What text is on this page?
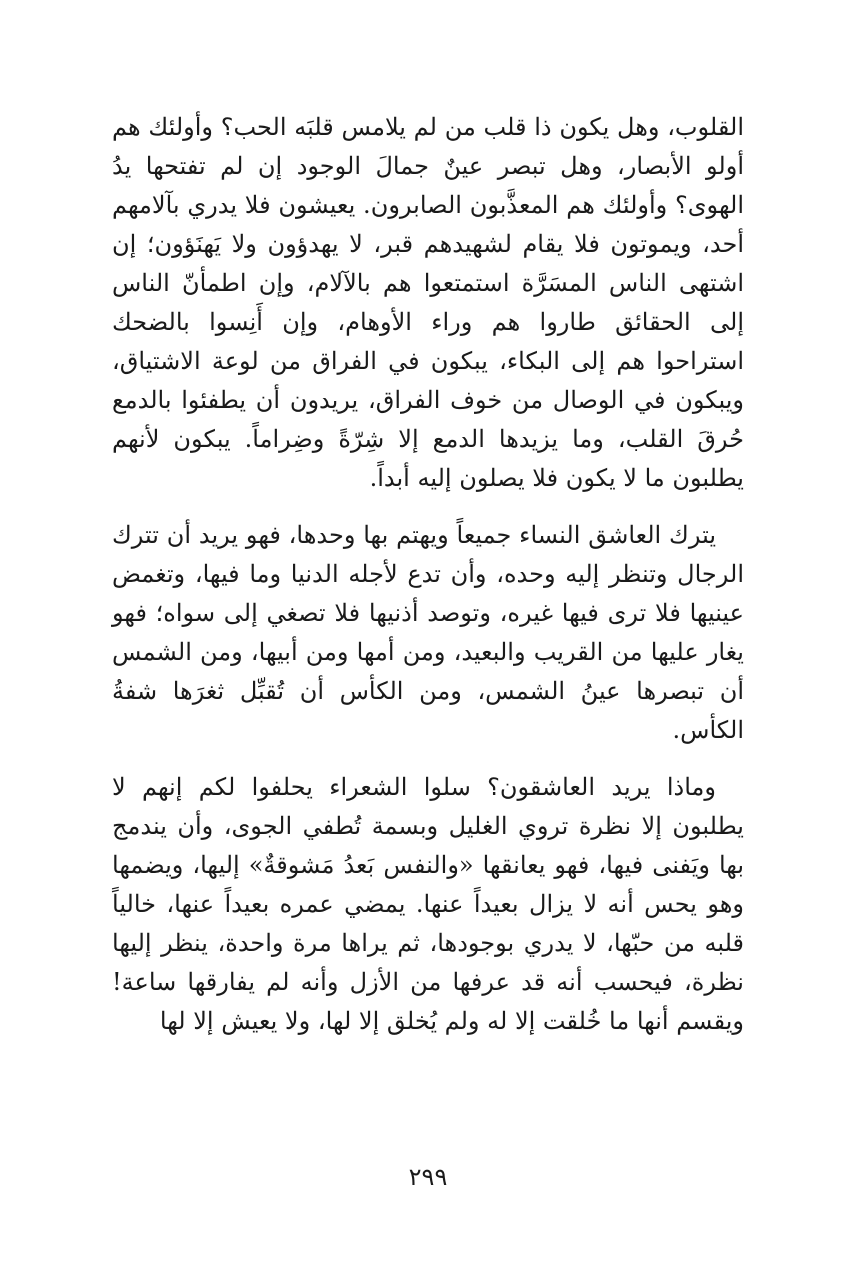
القلوب، وهل يكون ذا قلب من لم يلامس قلبَه الحب؟ وأولئك هم أولو الأبصار، وهل تبصر عينٌ جمالَ الوجود إن لم تفتحها يدُ الهوى؟ وأولئك هم المعذَّبون الصابرون. يعيشون فلا يدري بآلامهم أحد، ويموتون فلا يقام لشهيدهم قبر، لا يهدؤون ولا يَهنَؤون؛ إن اشتهى الناس المسَرَّة استمتعوا هم بالآلام، وإن اطمأنّ الناس إلى الحقائق طاروا هم وراء الأوهام، وإن أَنِسوا بالضحك استراحوا هم إلى البكاء، يبكون في الفراق من لوعة الاشتياق، ويبكون في الوصال من خوف الفراق، يريدون أن يطفئوا بالدمع حُرقَ القلب، وما يزيدها الدمع إلا شِرّةً وضِراماً. يبكون لأنهم يطلبون ما لا يكون فلا يصلون إليه أبداً.

يترك العاشق النساء جميعاً ويهتم بها وحدها، فهو يريد أن تترك الرجال وتنظر إليه وحده، وأن تدع لأجله الدنيا وما فيها، وتغمض عينيها فلا ترى فيها غيره، وتوصد أذنيها فلا تصغي إلى سواه؛ فهو يغار عليها من القريب والبعيد، ومن أمها ومن أبيها، ومن الشمس أن تبصرها عينُ الشمس، ومن الكأس أن تُقبِّل ثغرَها شفةُ الكأس.

وماذا يريد العاشقون؟ سلوا الشعراء يحلفوا لكم إنهم لا يطلبون إلا نظرة تروي الغليل وبسمة تُطفي الجوى، وأن يندمج بها ويَفنى فيها، فهو يعانقها «والنفس بَعدُ مَشوقةٌ» إليها، ويضمها وهو يحس أنه لا يزال بعيداً عنها. يمضي عمره بعيداً عنها، خالياً قلبه من حبّها، لا يدري بوجودها، ثم يراها مرة واحدة، ينظر إليها نظرة، فيحسب أنه قد عرفها من الأزل وأنه لم يفارقها ساعة! ويقسم أنها ما خُلقت إلا له ولم يُخلق إلا لها، ولا يعيش إلا لها

٢٩٩
